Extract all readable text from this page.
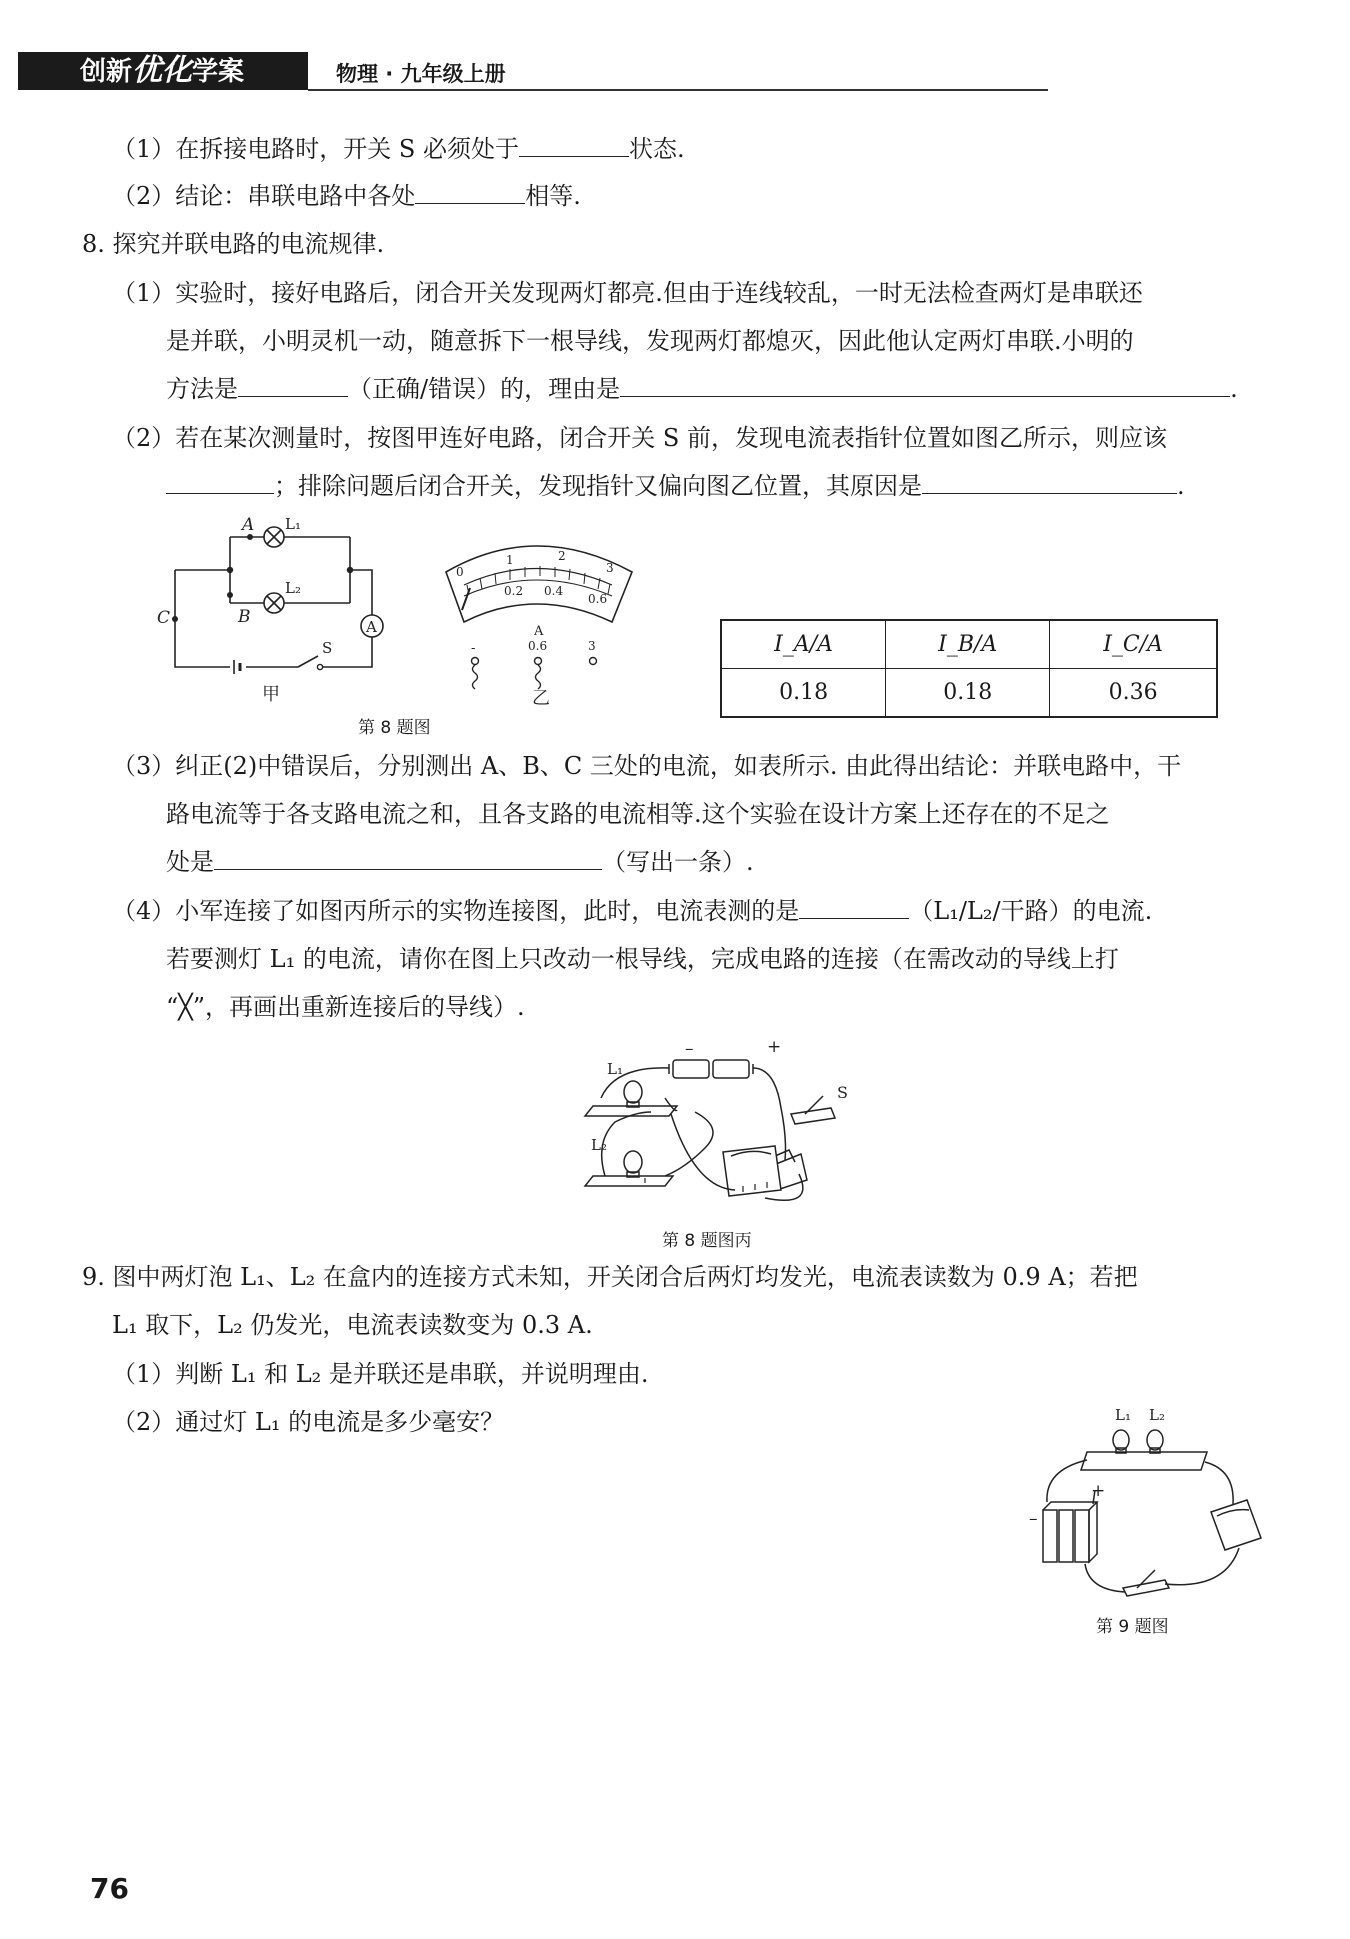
创新优化学案	物理 · 九年级上册
（1）在拆接电路时，开关 S 必须处于	状态.
（2）结论：串联电路中各处	相等.
8. 探究并联电路的电流规律.
（1）实验时，接好电路后，闭合开关发现两灯都亮.但由于连线较乱，一时无法检查两灯是串联还
是并联，小明灵机一动，随意拆下一根导线，发现两灯都熄灭，因此他认定两灯串联.小明的
方法是	（正确/错误）的，理由是	.
（2）若在某次测量时，按图甲连好电路，闭合开关 S 前，发现电流表指针位置如图乙所示，则应该
；排除问题后闭合开关，发现指针又偏向图乙位置，其原因是	.
A
B
C
L₁
L₂
S
A
甲
0
1	2
3
0.2 0.4
0.6
A
-	0.6	3
乙
第 8 题图
I_A/A	I_B/A	I_C/A
0.18	0.18	0.36
（3）纠正(2)中错误后，分别测出 A、B、C 三处的电流，如表所示. 由此得出结论：并联电路中，干
路电流等于各支路电流之和，且各支路的电流相等.这个实验在设计方案上还存在的不足之
处是	（写出一条）.
（4）小军连接了如图丙所示的实物连接图，此时，电流表测的是	（L₁/L₂/干路）的电流.
若要测灯 L₁ 的电流，请你在图上只改动一根导线，完成电路的连接（在需改动的导线上打
“╳”，再画出重新连接后的导线）.
–	+
L₁
L₂
S
第 8 题图丙
9. 图中两灯泡 L₁、L₂ 在盒内的连接方式未知，开关闭合后两灯均发光，电流表读数为 0.9 A；若把
L₁ 取下，L₂ 仍发光，电流表读数变为 0.3 A.
（1）判断 L₁ 和 L₂ 是并联还是串联，并说明理由.
（2）通过灯 L₁ 的电流是多少毫安？	L₁ L₂
–
+
第 9 题图
76
